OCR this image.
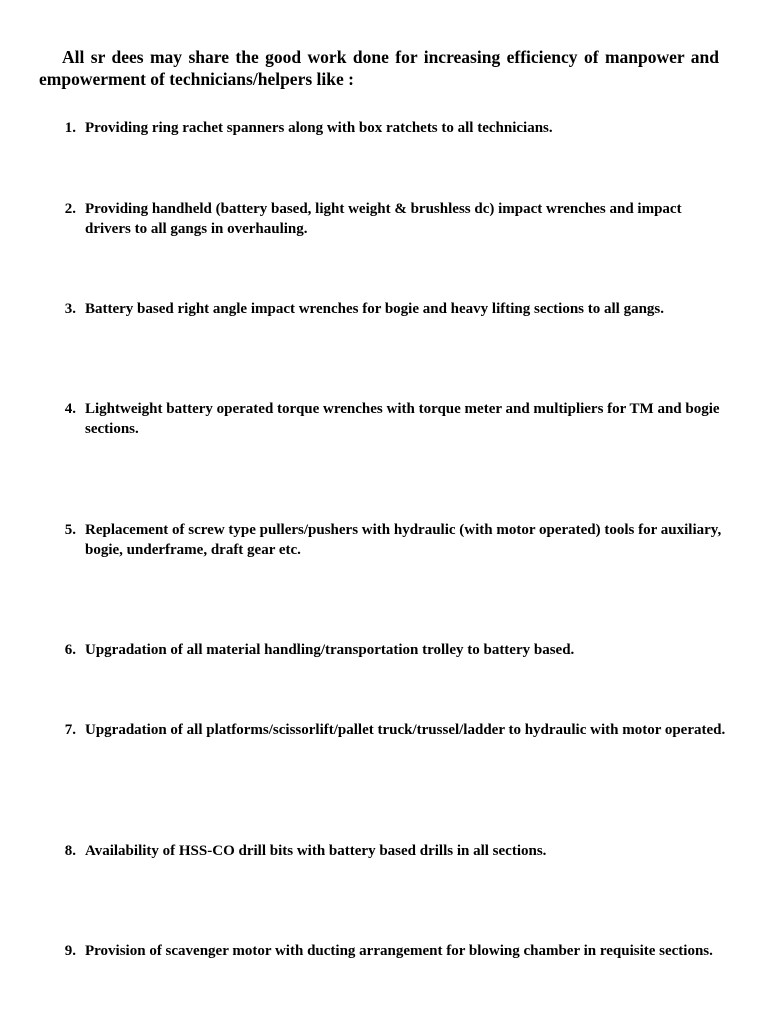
All sr dees may share the good work done for increasing efficiency of manpower and empowerment of technicians/helpers like :

1. Providing ring rachet spanners along with box ratchets to all technicians.
2. Providing handheld (battery based, light weight & brushless dc) impact wrenches and impact drivers to all gangs in overhauling.
3. Battery based right angle impact wrenches for bogie and heavy lifting sections to all gangs.
4. Lightweight battery operated torque wrenches with torque meter and multipliers for TM and bogie sections.
5. Replacement of screw type pullers/pushers with hydraulic (with motor operated) tools for auxiliary, bogie, underframe, draft gear etc.
6. Upgradation of all material handling/transportation trolley to battery based.
7. Upgradation of all platforms/scissorlift/pallet truck/trussel/ladder to hydraulic with motor operated.
8. Availability of HSS-CO drill bits with battery based drills in all sections.
9. Provision of scavenger motor with ducting arrangement for blowing chamber in requisite sections.
